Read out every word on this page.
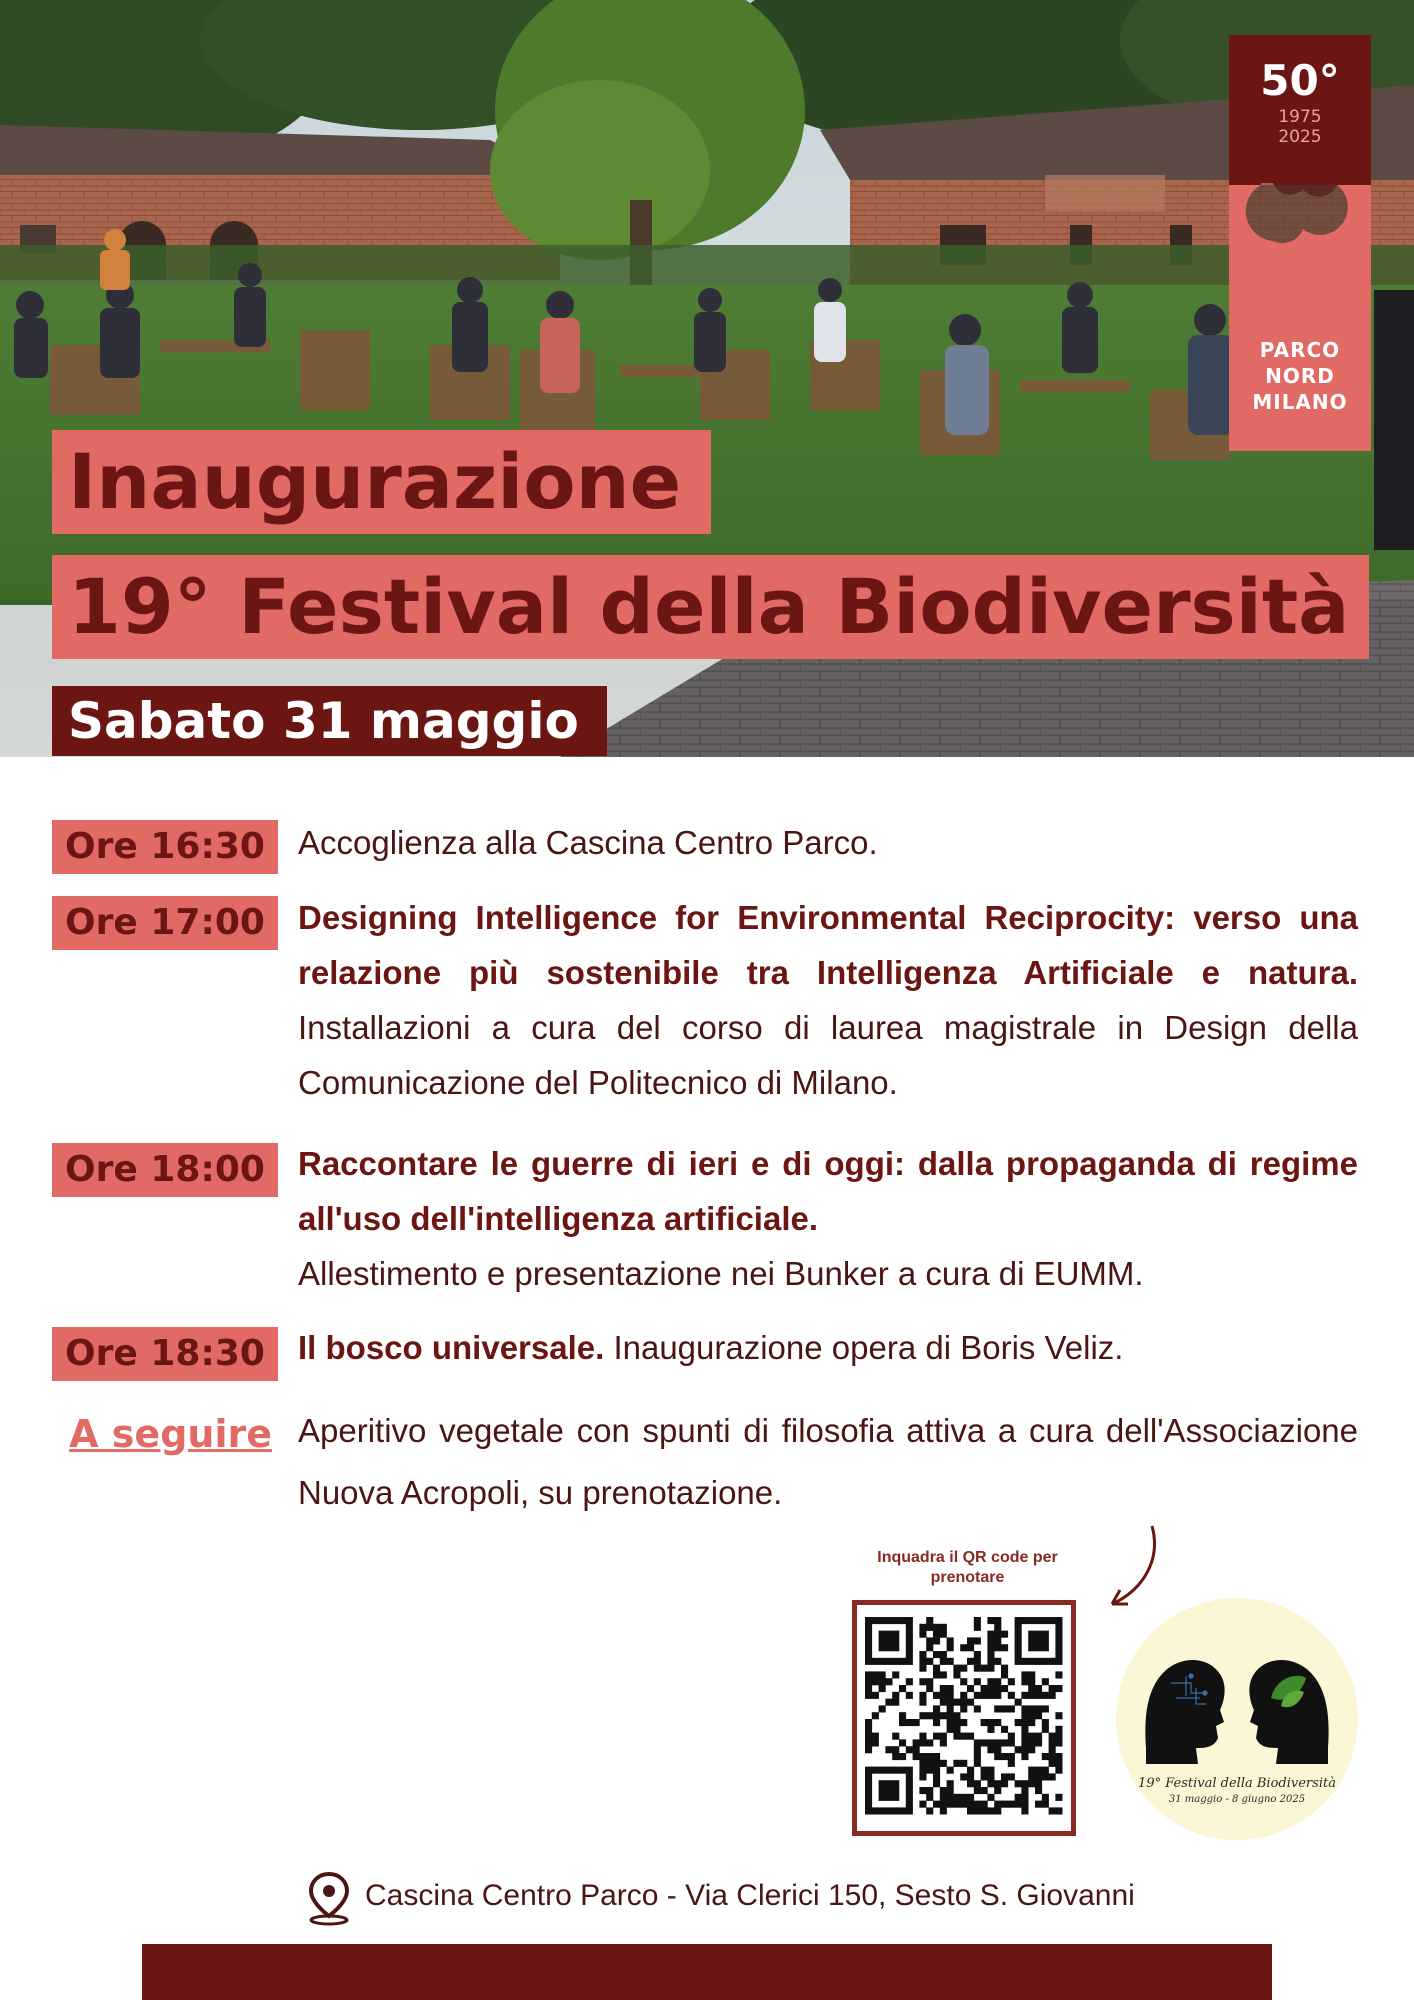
Inaugurazione
19° Festival della Biodiversità
Sabato 31 maggio
50°
1975
2025
PARCO
NORD
MILANO
Ore 16:30	Accoglienza alla Cascina Centro Parco.
Ore 17:00	Designing Intelligence for Environmental Reciprocity: verso una relazione più sostenibile tra Intelligenza Artificiale e natura. Installazioni a cura del corso di laurea magistrale in Design della Comunicazione del Politecnico di Milano.
Ore 18:00	Raccontare le guerre di ieri e di oggi: dalla propaganda di regime all'uso dell'intelligenza artificiale.
Allestimento e presentazione nei Bunker a cura di EUMM.
Ore 18:30	Il bosco universale. Inaugurazione opera di Boris Veliz.
A seguire Aperitivo vegetale con spunti di filosofia attiva a cura dell'Associazione Nuova Acropoli, su prenotazione.
Inquadra il QR code per prenotare
19° Festival della Biodiversità
31 maggio - 8 giugno 2025
Cascina Centro Parco - Via Clerici 150, Sesto S. Giovanni
